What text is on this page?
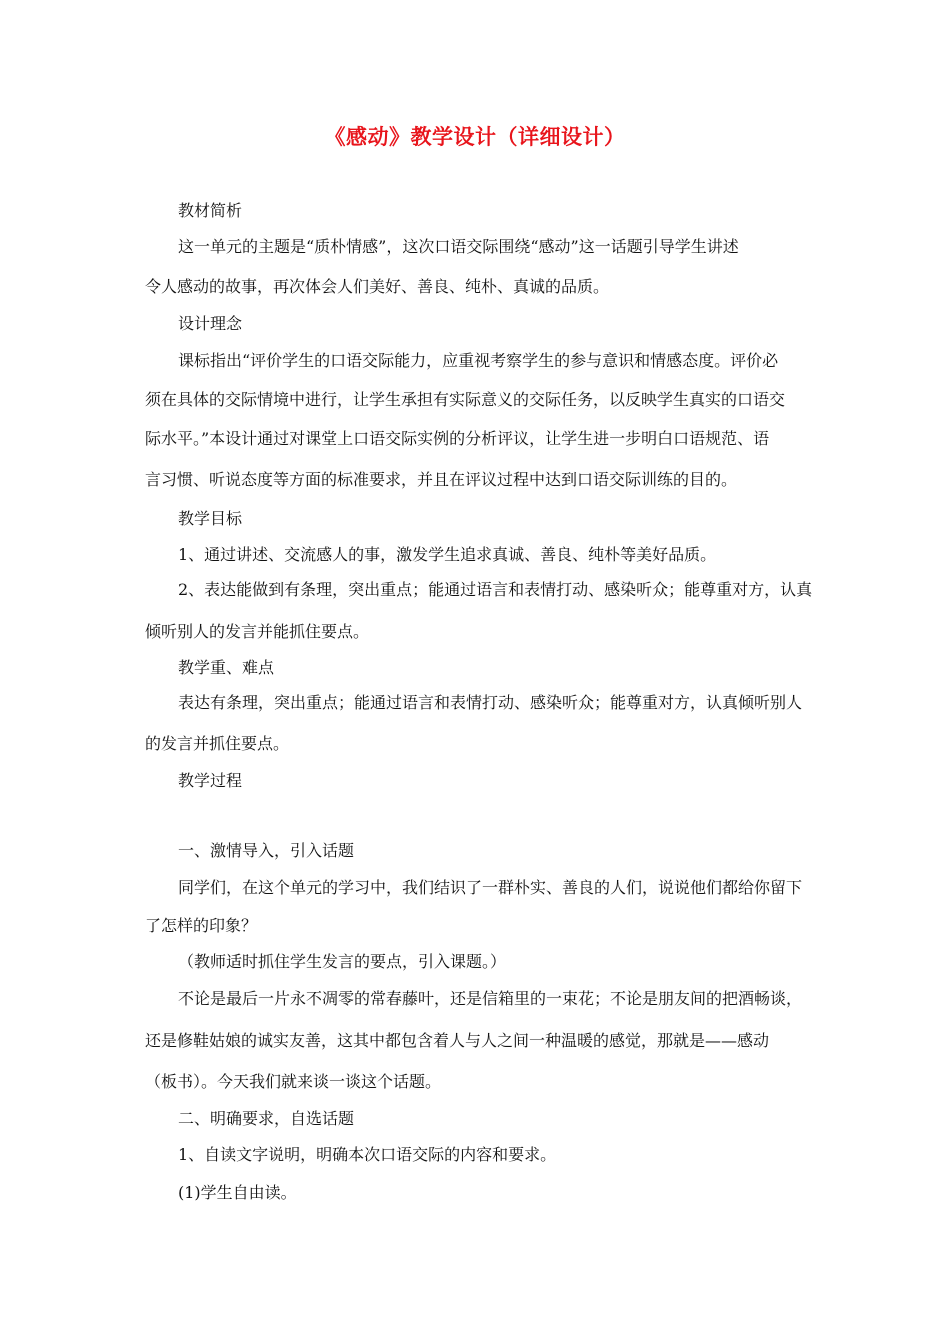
《感动》教学设计（详细设计）
教材简析
这一单元的主题是“质朴情感”，这次口语交际围绕“感动”这一话题引导学生讲述
令人感动的故事，再次体会人们美好、善良、纯朴、真诚的品质。
设计理念
课标指出“评价学生的口语交际能力，应重视考察学生的参与意识和情感态度。评价必
须在具体的交际情境中进行，让学生承担有实际意义的交际任务，以反映学生真实的口语交
际水平。”本设计通过对课堂上口语交际实例的分析评议，让学生进一步明白口语规范、语
言习惯、听说态度等方面的标准要求，并且在评议过程中达到口语交际训练的目的。
教学目标
1、通过讲述、交流感人的事，激发学生追求真诚、善良、纯朴等美好品质。
2、表达能做到有条理，突出重点；能通过语言和表情打动、感染听众；能尊重对方，认真
倾听别人的发言并能抓住要点。
教学重、难点
表达有条理，突出重点；能通过语言和表情打动、感染听众；能尊重对方，认真倾听别人
的发言并抓住要点。
教学过程
一、激情导入，引入话题
同学们，在这个单元的学习中，我们结识了一群朴实、善良的人们，说说他们都给你留下
了怎样的印象？
（教师适时抓住学生发言的要点，引入课题。）
不论是最后一片永不凋零的常春藤叶，还是信箱里的一束花；不论是朋友间的把酒畅谈，
还是修鞋姑娘的诚实友善，这其中都包含着人与人之间一种温暖的感觉，那就是——感动
（板书）。今天我们就来谈一谈这个话题。
二、明确要求，自选话题
1、自读文字说明，明确本次口语交际的内容和要求。
(1)学生自由读。
